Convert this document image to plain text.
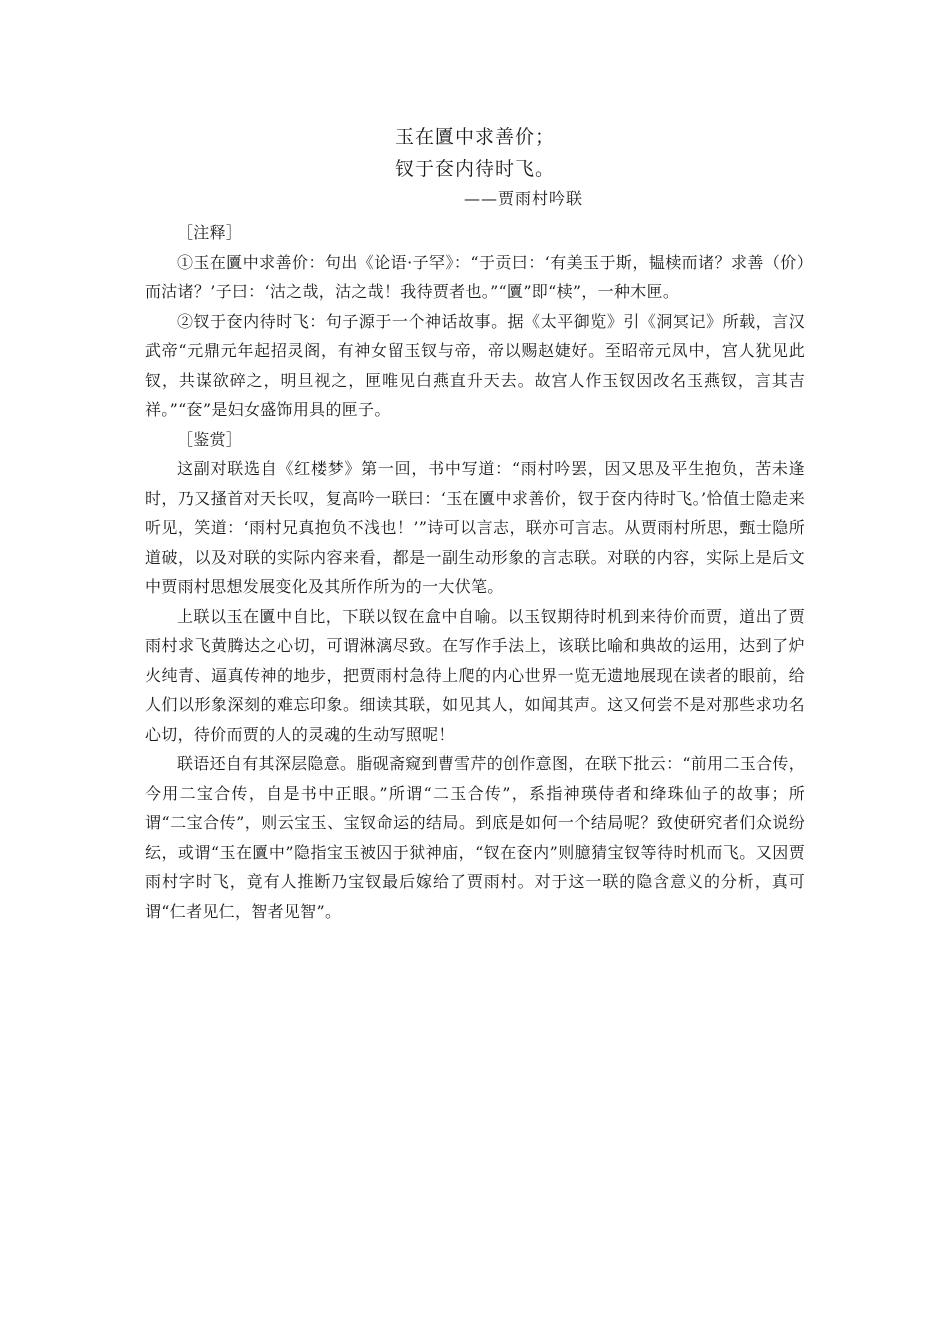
玉在匵中求善价；
钗于奁内待时飞。
——贾雨村吟联

［注释］

①玉在匵中求善价：句出《论语·子罕》：“于贡曰：‘有美玉于斯，韫椟而诸？求善（价）而沽诸？’子曰：‘沽之哉，沽之哉！我待贾者也。”“匵”即“椟”，一种木匣。

②钗于奁内待时飞：句子源于一个神话故事。据《太平御览》引《洞冥记》所载，言汉武帝“元鼎元年起招灵阁，有神女留玉钗与帝，帝以赐赵婕好。至昭帝元凤中，宫人犹见此钗，共谋欲碎之，明旦视之，匣唯见白燕直升天去。故宫人作玉钗因改名玉燕钗，言其吉祥。”“奁”是妇女盛饰用具的匣子。

［鉴赏］

这副对联选自《红楼梦》第一回，书中写道：“雨村吟罢，因又思及平生抱负，苦未逢时，乃又搔首对天长叹，复高吟一联曰：‘玉在匵中求善价，钗于奁内待时飞。’恰值士隐走来听见，笑道：‘雨村兄真抱负不浅也！’”诗可以言志，联亦可言志。从贾雨村所思，甄士隐所道破，以及对联的实际内容来看，都是一副生动形象的言志联。对联的内容，实际上是后文中贾雨村思想发展变化及其所作所为的一大伏笔。

上联以玉在匵中自比，下联以钗在盒中自喻。以玉钗期待时机到来待价而贾，道出了贾雨村求飞黄腾达之心切，可谓淋漓尽致。在写作手法上，该联比喻和典故的运用，达到了炉火纯青、逼真传神的地步，把贾雨村急待上爬的内心世界一览无遗地展现在读者的眼前，给人们以形象深刻的难忘印象。细读其联，如见其人，如闻其声。这又何尝不是对那些求功名心切，待价而贾的人的灵魂的生动写照呢！

联语还自有其深层隐意。脂砚斋窥到曹雪芹的创作意图，在联下批云：“前用二玉合传，今用二宝合传，自是书中正眼。”所谓“二玉合传”，系指神瑛侍者和绛珠仙子的故事；所谓“二宝合传”，则云宝玉、宝钗命运的结局。到底是如何一个结局呢？致使研究者们众说纷纭，或谓“玉在匵中”隐指宝玉被囚于狱神庙，“钗在奁内”则臆猜宝钗等待时机而飞。又因贾雨村字时飞，竟有人推断乃宝钗最后嫁给了贾雨村。对于这一联的隐含意义的分析，真可谓“仁者见仁，智者见智”。
